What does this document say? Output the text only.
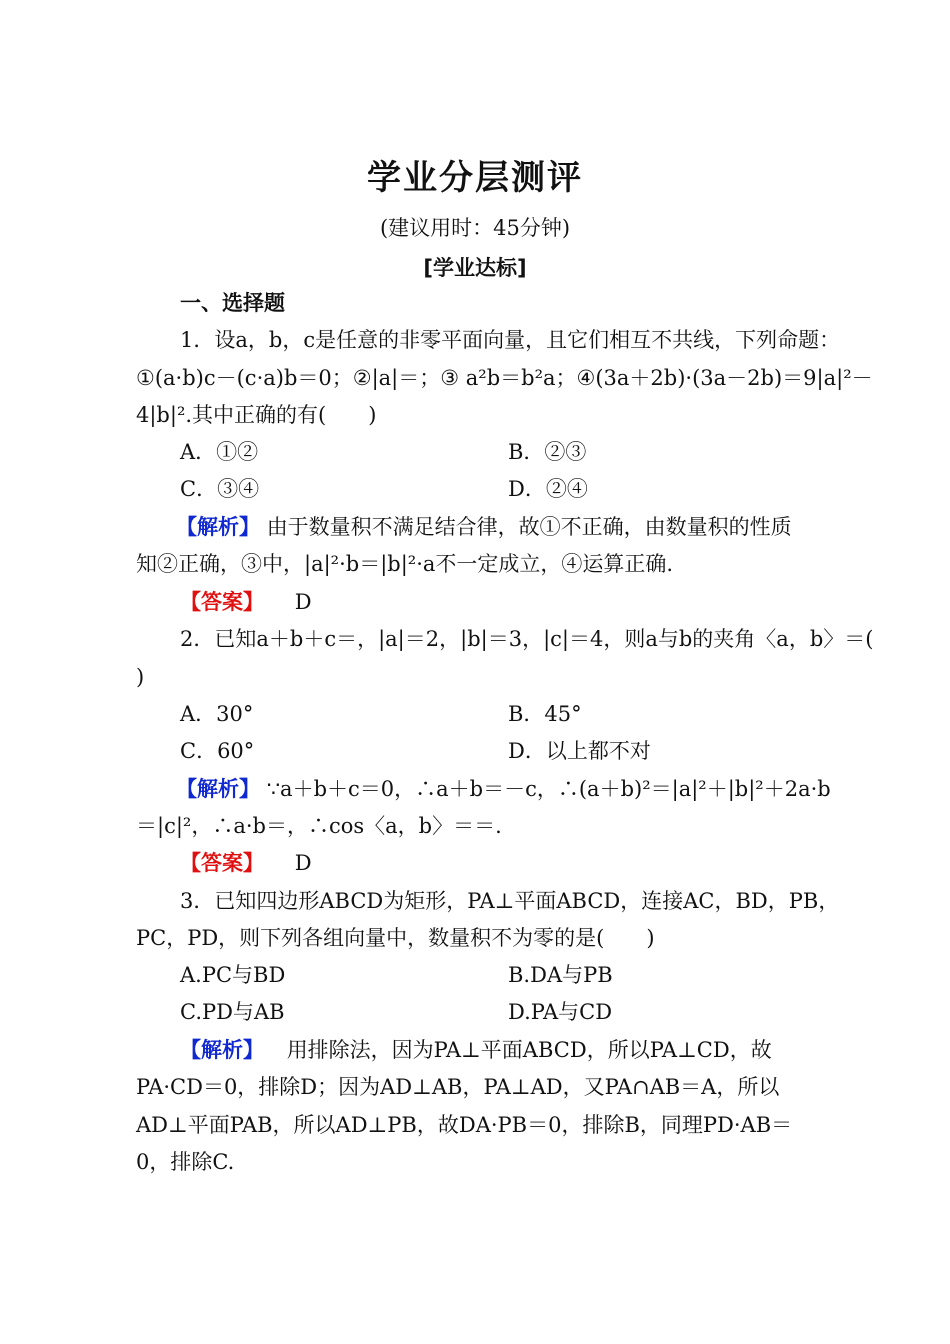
学业分层测评
(建议用时：45分钟)
[学业达标]
一、选择题
1．设a，b，c是任意的非零平面向量，且它们相互不共线，下列命题：
①(a·b)c－(c·a)b＝0；②|a|＝；③ a²b＝b²a；④(3a＋2b)·(3a－2b)＝9|a|²－
4|b|².其中正确的有(　　)
A．①②	B．②③
C．③④	D．②④
【解析】 由于数量积不满足结合律，故①不正确，由数量积的性质
知②正确，③中，|a|²·b＝|b|²·a不一定成立，④运算正确.
【答案】 D
2．已知a＋b＋c＝，|a|＝2，|b|＝3，|c|＝4，则a与b的夹角〈a，b〉＝(
)
A．30°	B．45°
C．60°	D．以上都不对
【解析】 ∵a＋b＋c＝0，∴a＋b＝－c，∴(a＋b)²＝|a|²＋|b|²＋2a·b
＝|c|²，∴a·b＝，∴cos〈a，b〉＝＝.
【答案】 D
3．已知四边形ABCD为矩形，PA⊥平面ABCD，连接AC，BD，PB，
PC，PD，则下列各组向量中，数量积不为零的是(　　)
A.PC与BD	B.DA与PB
C.PD与AB	D.PA与CD
【解析】 用排除法，因为PA⊥平面ABCD，所以PA⊥CD，故
PA·CD＝0，排除D；因为AD⊥AB，PA⊥AD，又PA∩AB＝A，所以
AD⊥平面PAB，所以AD⊥PB，故DA·PB＝0，排除B，同理PD·AB＝
0，排除C.
